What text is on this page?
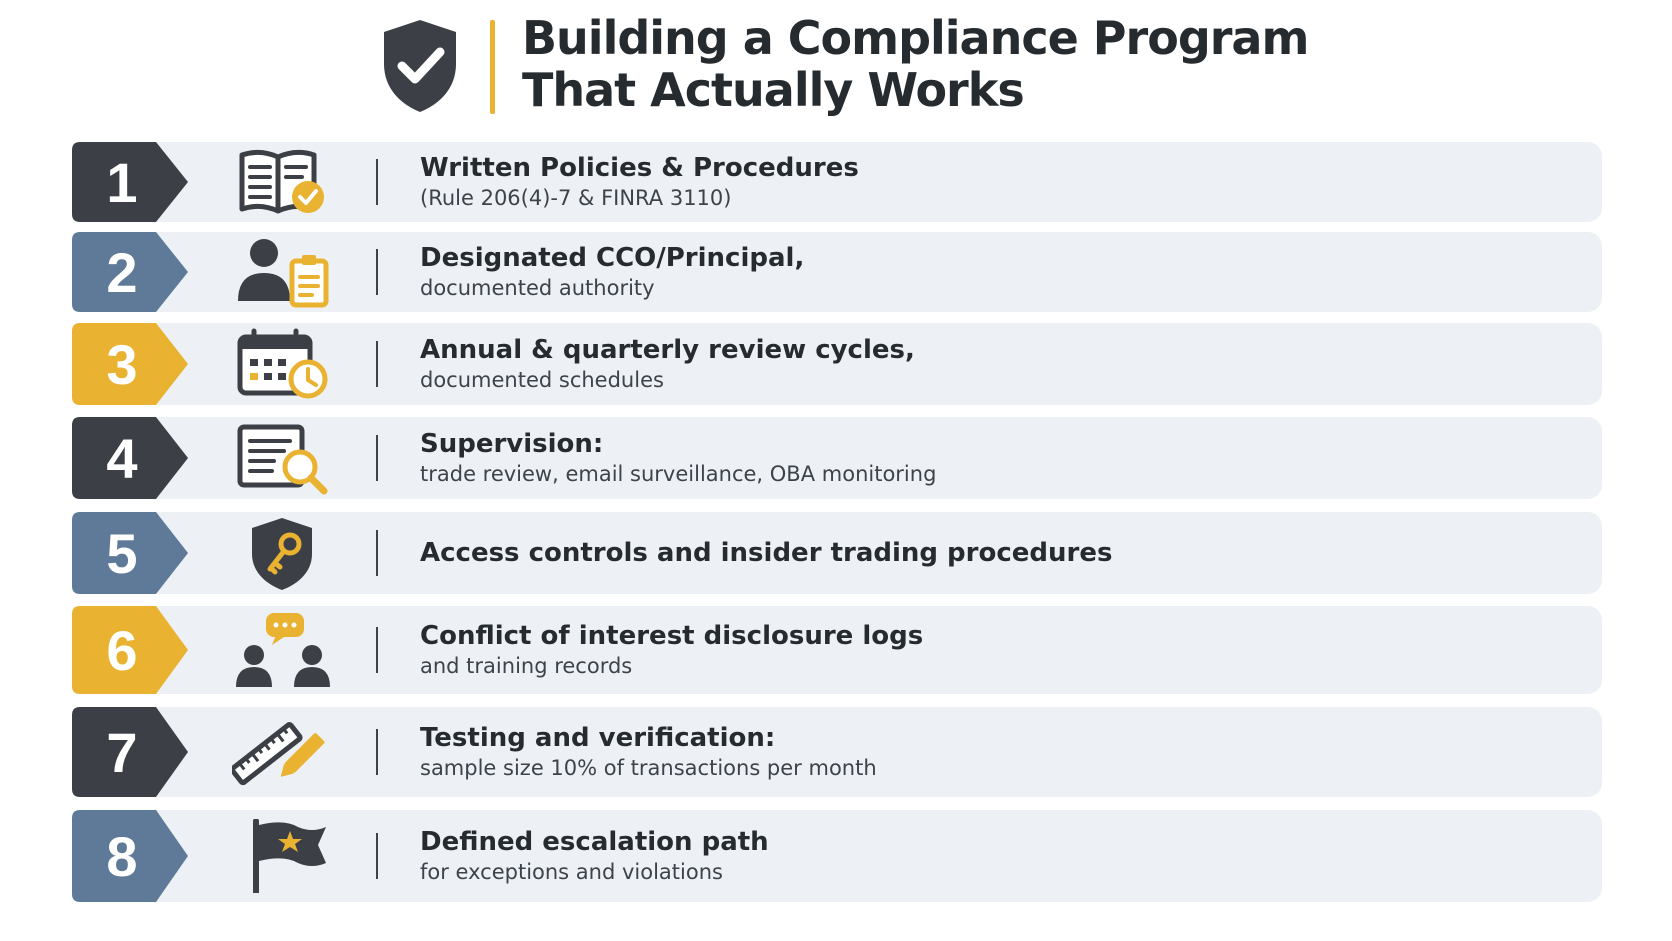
Building a Compliance Program
That Actually Works
1	Written Policies & Procedures
(Rule 206(4)-7 & FINRA 3110)
2	Designated CCO/Principal,
documented authority
3	Annual & quarterly review cycles,
documented schedules
4	Supervision:
trade review, email surveillance, OBA monitoring
5	Access controls and insider trading procedures
6	Conflict of interest disclosure logs
and training records
7	Testing and verification:
sample size 10% of transactions per month
8	Defined escalation path
for exceptions and violations
